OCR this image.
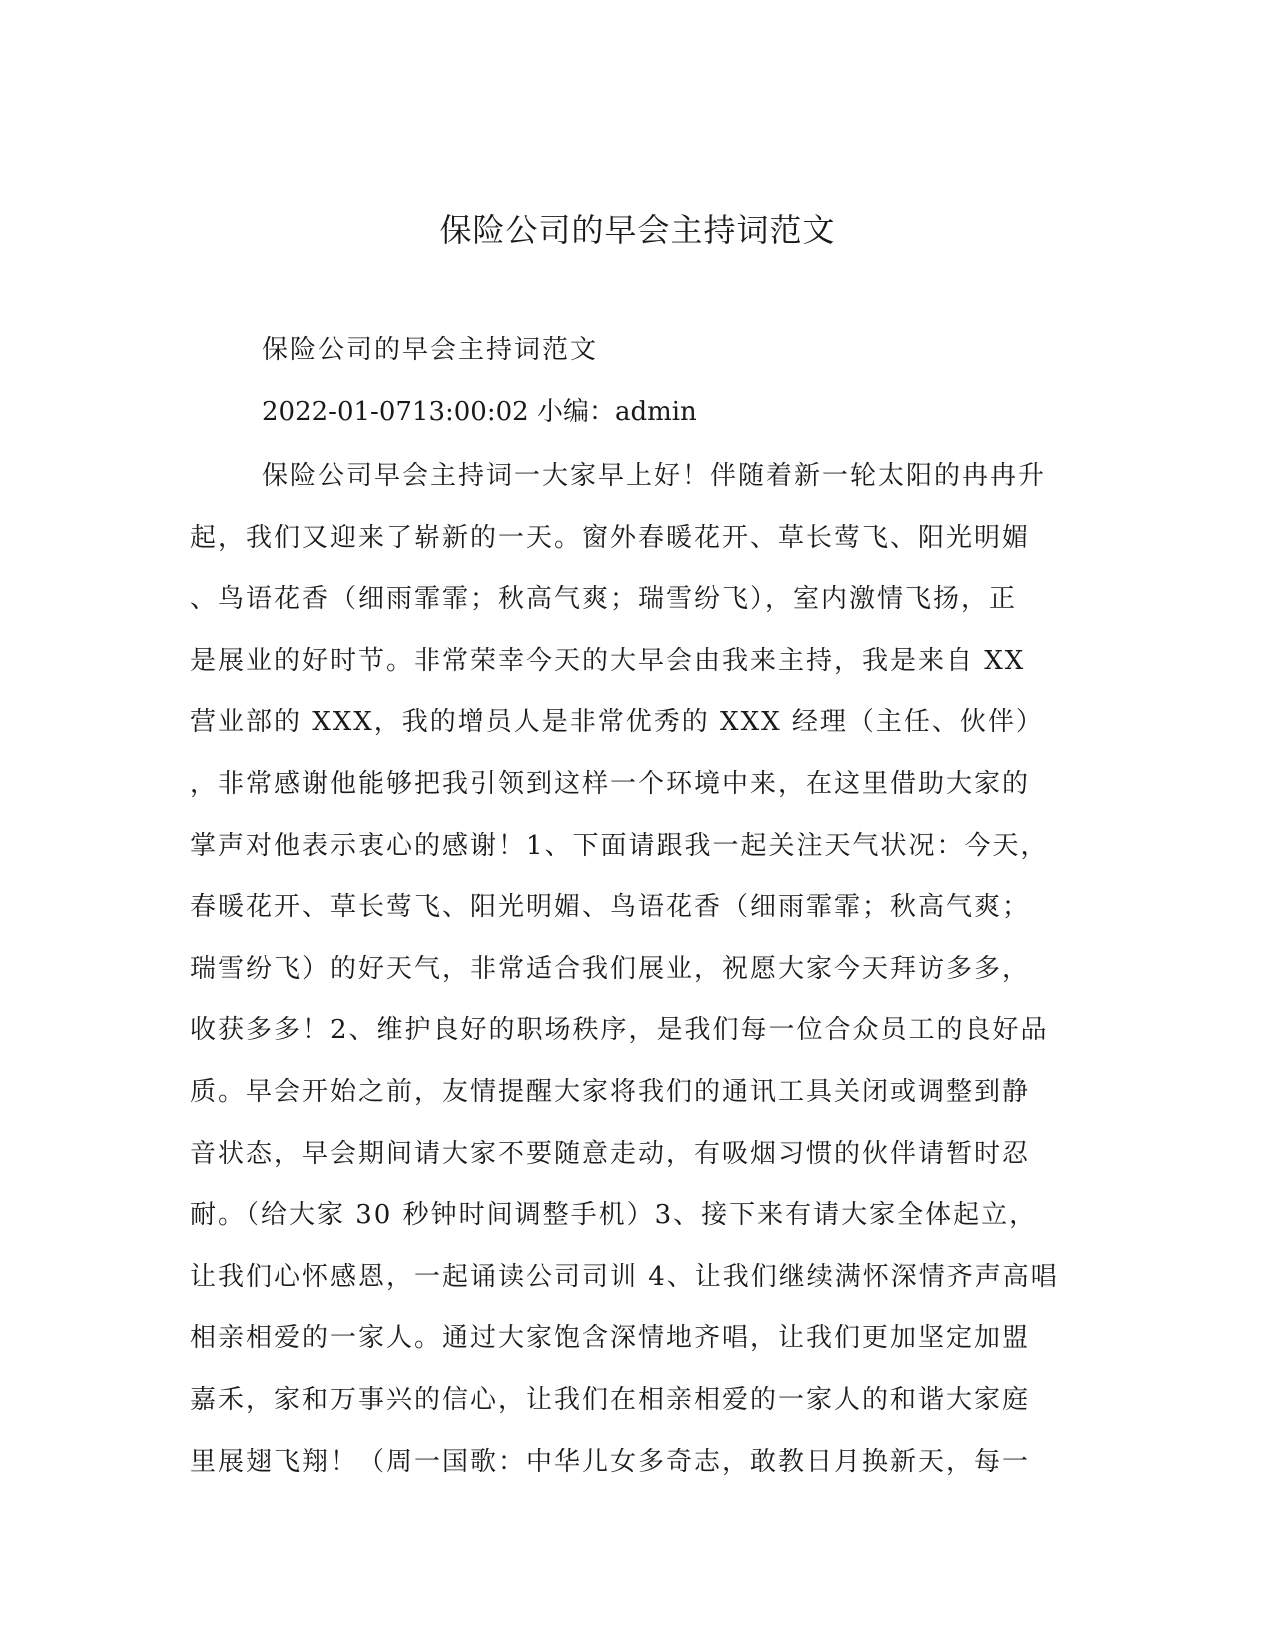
保险公司的早会主持词范文

保险公司的早会主持词范文

2022-01-0713:00:02 小编：admin

保险公司早会主持词一大家早上好！伴随着新一轮太阳的冉冉升
起，我们又迎来了崭新的一天。窗外春暖花开、草长莺飞、阳光明媚
、鸟语花香（细雨霏霏；秋高气爽；瑞雪纷飞），室内激情飞扬，正
是展业的好时节。非常荣幸今天的大早会由我来主持，我是来自 XX
营业部的 XXX，我的增员人是非常优秀的 XXX 经理（主任、伙伴）
，非常感谢他能够把我引领到这样一个环境中来，在这里借助大家的
掌声对他表示衷心的感谢！1、下面请跟我一起关注天气状况：今天，
春暖花开、草长莺飞、阳光明媚、鸟语花香（细雨霏霏；秋高气爽；
瑞雪纷飞）的好天气，非常适合我们展业，祝愿大家今天拜访多多，
收获多多！2、维护良好的职场秩序，是我们每一位合众员工的良好品
质。早会开始之前，友情提醒大家将我们的通讯工具关闭或调整到静
音状态，早会期间请大家不要随意走动，有吸烟习惯的伙伴请暂时忍
耐。（给大家 30 秒钟时间调整手机）3、接下来有请大家全体起立，
让我们心怀感恩，一起诵读公司司训 4、让我们继续满怀深情齐声高唱
相亲相爱的一家人。通过大家饱含深情地齐唱，让我们更加坚定加盟
嘉禾，家和万事兴的信心，让我们在相亲相爱的一家人的和谐大家庭
里展翅飞翔！（周一国歌：中华儿女多奇志，敢教日月换新天，每一
